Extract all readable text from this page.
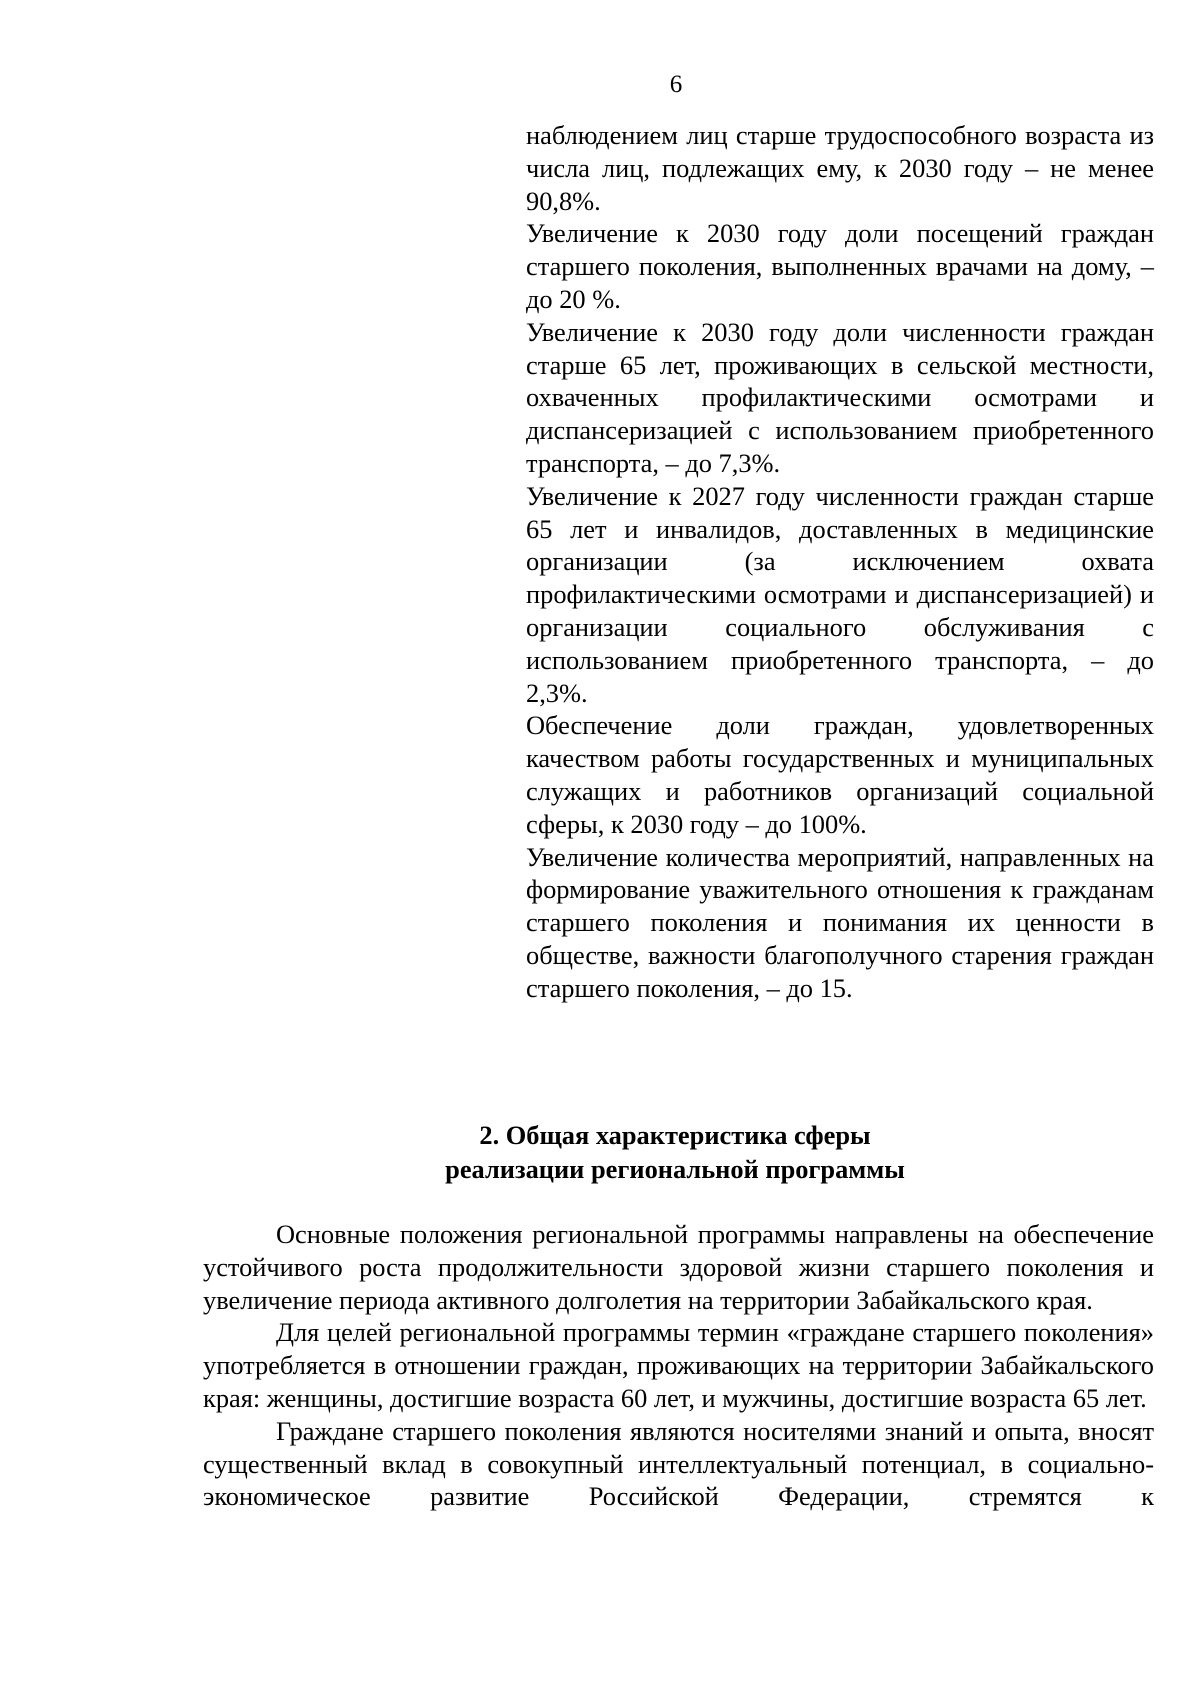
6

наблюдением лиц старше трудоспособного возраста из числа лиц, подлежащих ему, к 2030 году – не менее 90,8%.

Увеличение к 2030 году доли посещений граждан старшего поколения, выполненных врачами на дому, – до 20 %.

Увеличение к 2030 году доли численности граждан старше 65 лет, проживающих в сельской местности, охваченных профилактическими осмотрами и диспансеризацией с использованием приобретенного транспорта, – до 7,3%.

Увеличение к 2027 году численности граждан старше 65 лет и инвалидов, доставленных в медицинские организации (за исключением охвата профилактическими осмотрами и диспансеризацией) и организации социального обслуживания с использованием приобретенного транспорта, – до 2,3%.

Обеспечение доли граждан, удовлетворенных качеством работы государственных и муниципальных служащих и работников организаций социальной сферы, к 2030 году – до 100%.

Увеличение количества мероприятий, направленных на формирование уважительного отношения к гражданам старшего поколения и понимания их ценности в обществе, важности благополучного старения граждан старшего поколения, – до 15.

2. Общая характеристика сферы
реализации региональной программы

Основные положения региональной программы направлены на обеспечение устойчивого роста продолжительности здоровой жизни старшего поколения и увеличение периода активного долголетия на территории Забайкальского края.

Для целей региональной программы термин «граждане старшего поколения» употребляется в отношении граждан, проживающих на территории Забайкальского края: женщины, достигшие возраста 60 лет, и мужчины, достигшие возраста 65 лет.

Граждане старшего поколения являются носителями знаний и опыта, вносят существенный вклад в совокупный интеллектуальный потенциал, в социально-экономическое развитие Российской Федерации, стремятся к
